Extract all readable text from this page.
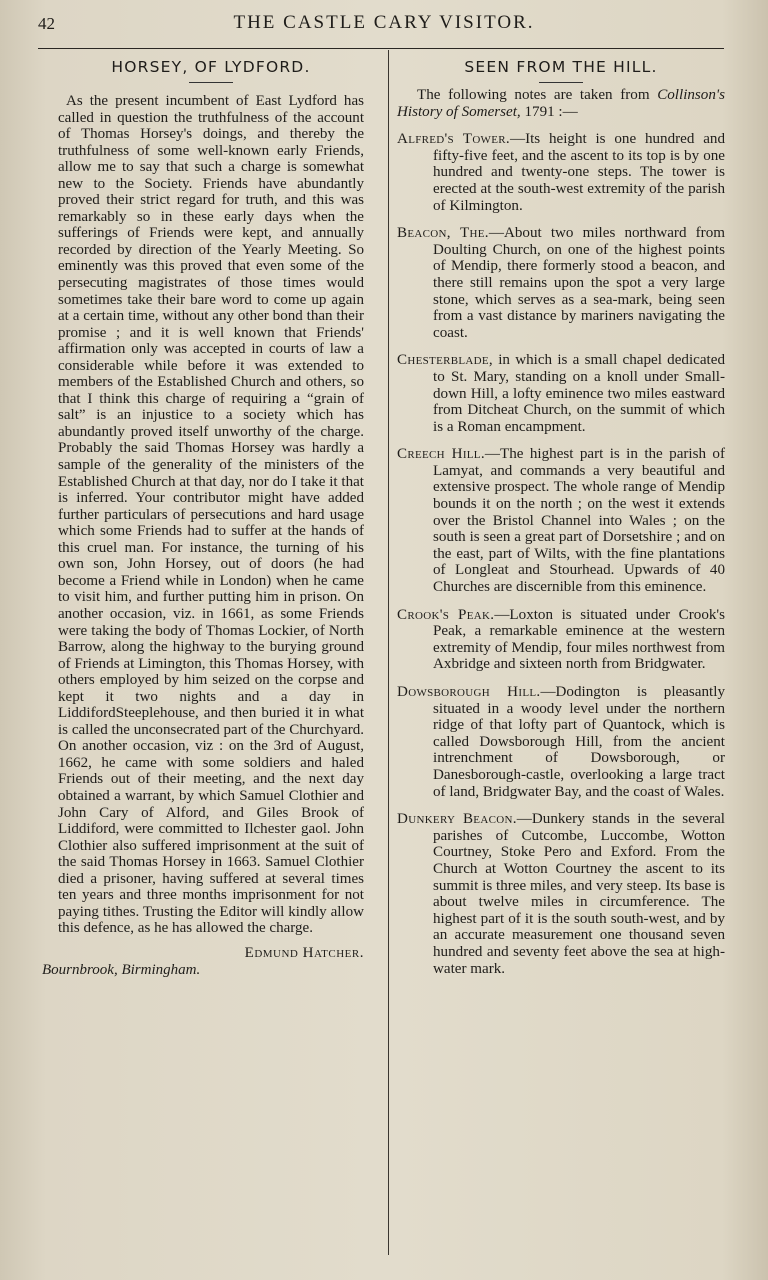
42	THE CASTLE CARY VISITOR.
HORSEY, OF LYDFORD.

As the present incumbent of East Lydford has called in question the truthfulness of the account of Thomas Horsey's doings, and thereby the truthfulness of some well-known early Friends, allow me to say that such a charge is somewhat new to the Society. Friends have abundantly proved their strict regard for truth, and this was remarkably so in these early days when the sufferings of Friends were kept, and annually recorded by direction of the Yearly Meeting. So eminently was this proved that even some of the persecuting magistrates of those times would sometimes take their bare word to come up again at a certain time, without any other bond than their promise ; and it is well known that Friends' affirmation only was accepted in courts of law a considerable while before it was extended to members of the Established Church and others, so that I think this charge of requiring a “grain of salt” is an injustice to a society which has abundantly proved itself unworthy of the charge. Probably the said Thomas Horsey was hardly a sample of the generality of the ministers of the Established Church at that day, nor do I take it that is inferred. Your contributor might have added further particulars of persecutions and hard usage which some Friends had to suffer at the hands of this cruel man. For instance, the turning of his own son, John Horsey, out of doors (he had become a Friend while in London) when he came to visit him, and further putting him in prison. On another occasion, viz. in 1661, as some Friends were taking the body of Thomas Lockier, of North Barrow, along the highway to the burying ground of Friends at Limington, this Thomas Horsey, with others employed by him seized on the corpse and kept it two nights and a day in LiddifordSteeplehouse, and then buried it in what is called the unconsecrated part of the Churchyard. On another occasion, viz : on the 3rd of August, 1662, he came with some soldiers and haled Friends out of their meeting, and the next day obtained a warrant, by which Samuel Clothier and John Cary of Alford, and Giles Brook of Liddiford, were committed to Ilchester gaol. John Clothier also suffered imprisonment at the suit of the said Thomas Horsey in 1663. Samuel Clothier died a prisoner, having suffered at several times ten years and three months imprisonment for not paying tithes. Trusting the Editor will kindly allow this defence, as he has allowed the charge.

Edmund Hatcher.
Bournbrook, Birmingham.
SEEN FROM THE HILL.

The following notes are taken from Collinson's History of Somerset, 1791 :—

Alfred's Tower.—Its height is one hundred and fifty-five feet, and the ascent to its top is by one hundred and twenty-one steps. The tower is erected at the south-west extremity of the parish of Kilmington.

Beacon, The.—About two miles northward from Doulting Church, on one of the highest points of Mendip, there formerly stood a beacon, and there still remains upon the spot a very large stone, which serves as a sea-mark, being seen from a vast distance by mariners navigating the coast.

Chesterblade, in which is a small chapel dedicated to St. Mary, standing on a knoll under Small-down Hill, a lofty eminence two miles eastward from Ditcheat Church, on the summit of which is a Roman encampment.

Creech Hill.—The highest part is in the parish of Lamyat, and commands a very beautiful and extensive prospect. The whole range of Mendip bounds it on the north ; on the west it extends over the Bristol Channel into Wales ; on the south is seen a great part of Dorsetshire ; and on the east, part of Wilts, with the fine plantations of Longleat and Stourhead. Upwards of 40 Churches are discernible from this eminence.

Crook's Peak.—Loxton is situated under Crook's Peak, a remarkable eminence at the western extremity of Mendip, four miles northwest from Axbridge and sixteen north from Bridgwater.

Dowsborough Hill.—Dodington is pleasantly situated in a woody level under the northern ridge of that lofty part of Quantock, which is called Dowsborough Hill, from the ancient intrenchment of Dowsborough, or Danesborough-castle, overlooking a large tract of land, Bridgwater Bay, and the coast of Wales.

Dunkery Beacon.—Dunkery stands in the several parishes of Cutcombe, Luccombe, Wotton Courtney, Stoke Pero and Exford. From the Church at Wotton Courtney the ascent to its summit is three miles, and very steep. Its base is about twelve miles in circumference. The highest part of it is the south south-west, and by an accurate measurement one thousand seven hundred and seventy feet above the sea at high-water mark.
